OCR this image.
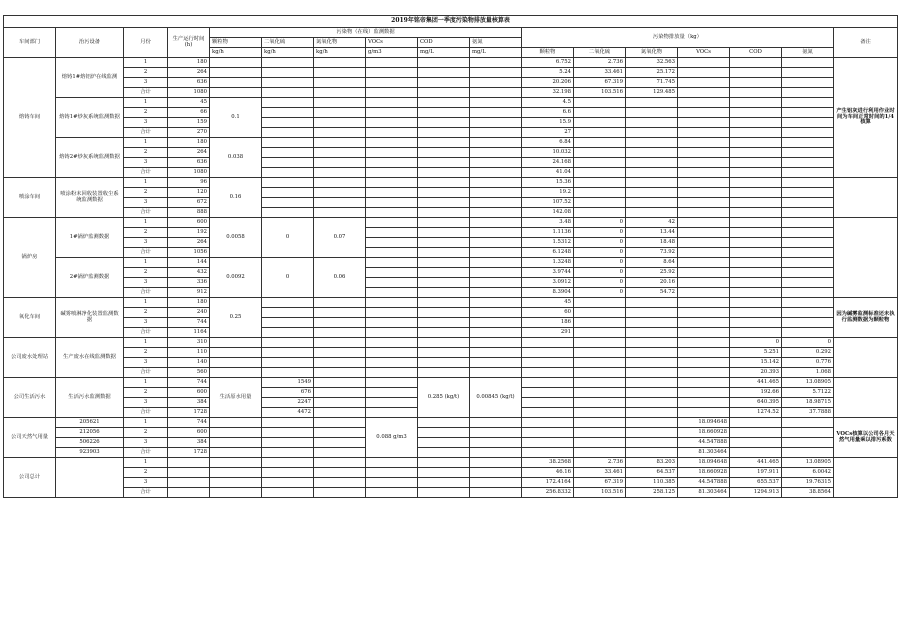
2019年铭帝集团一季度污染物排放量核算表																
车间部门	治污设备	月份	生产运行时间(h)	污染物（在线）监测数据						污染物排放量（kg）						备注
				颗粒物	二氧化硫	氮氧化物	VOCs	COD	氨氮							
				kg/h	kg/h	kg/h	g/m3	mg/L	mg/L	颗粒物	二氧化硫	氮氧化物	VOCs	COD	氨氮	
熔铸车间	熔铸1#熔铝炉在线监测	1	180							6.752	2.736	32.563				产生铝灰进行利用作业时间为车间正常时间的1/4核算
		2	264							5.24	33.461	25.172				
		3	636							20.206	67.319	71.745				
		合计	1080							32.198	103.516	129.485				
	熔铸1#炒灰系统监测数据	1	45	0.1						4.5						
		2	66							6.6						
		3	159							15.9						
		合计	270							27						
	熔铸2#炒灰系统监测数据	1	180	0.038						6.84						
		2	264							10.032						
		3	636							24.168						
		合计	1080							41.04						
喷涂车间	喷涂粉末回收装置收尘系统监测数据	1	96	0.16						15.36						
		2	120							19.2						
		3	672							107.52						
		合计	888							142.08						
锅炉房	1#锅炉监测数据	1	600	0.0058	0	0.07				3.48	0	42				
		2	192							1.1136	0	13.44				
		3	264							1.5312	0	18.48				
		合计	1056							6.1248	0	73.92				
	2#锅炉监测数据	1	144	0.0092	0	0.06				1.3248	0	8.64				
		2	432							3.9744	0	25.92				
		3	336							3.0912	0	20.16				
		合计	912							8.3904	0	54.72				
氧化车间	碱雾喷淋净化装置监测数据	1	180	0.25						45						因为碱雾监测标准还未执行监测数据为颗粒物
		2	240							60						
		3	744							186						
		合计	1164							291						
公司废水处理站	生产废水在线监测数据	1	310											0	0	
		2	110											5.251	0.292	
		3	140											15.142	0.776	
		合计	560											20.393	1.068	
公司生活污水	生活污水监测数据	1	744	生活原水用量	1549			0.285 (kg/t)	0.00845 (kg/t)					441.465	13.08905	
		2	600		676									192.66	5.7122	
		3	384		2247									640.395	18.98715	
		合计	1728		4472									1274.52	37.7888	
公司天然气用量	205621	1	744				0.088 g/m3						18.094648			VOCs核算以公司各月天然气用量乘以排污系数
	212056	2	600										18.660928			
	506226	3	384										44.547888			
	923903	合计	1728										81.303464			
公司总计		1								38.2568	2.736	83.203	18.094648	441.465	13.08905	
		2								46.16	33.461	64.537	18.660928	197.911	6.0042	
		3								172.4164	67.319	110.385	44.547888	655.537	19.76315	
		合计								256.8332	103.516	258.125	81.303464	1294.913	38.8564	
